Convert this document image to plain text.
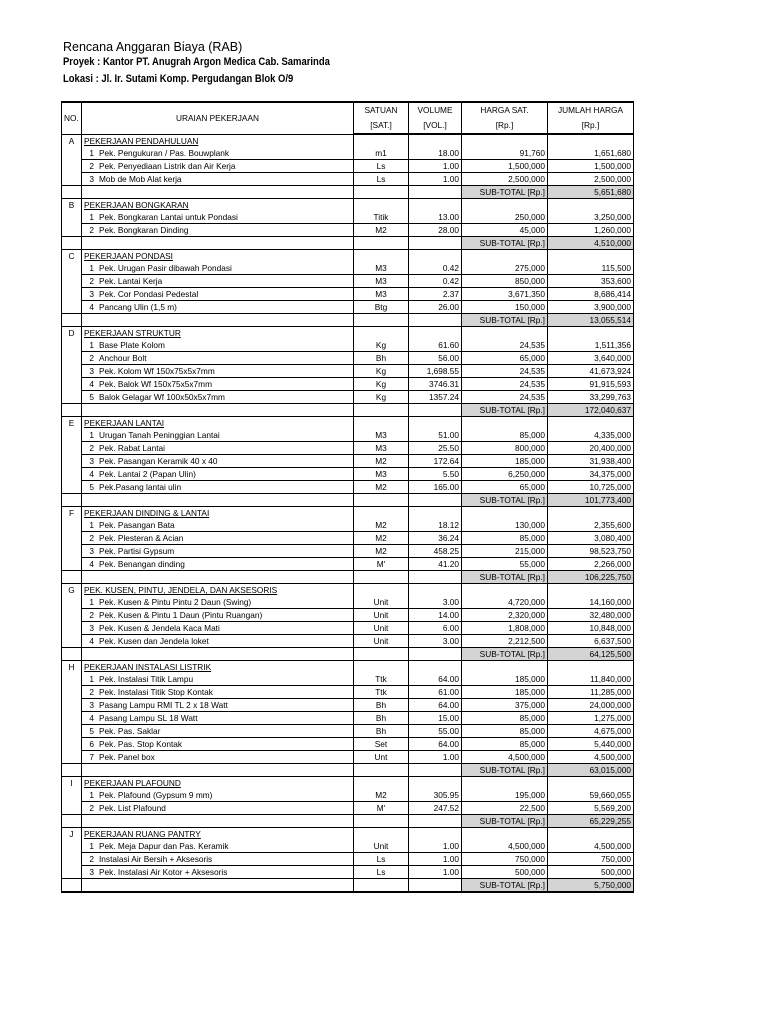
Rencana Anggaran Biaya (RAB)
Proyek : Kantor PT. Anugrah Argon Medica Cab. Samarinda
Lokasi : Jl. Ir. Sutami Komp. Pergudangan Blok O/9
NO.	URAIAN PEKERJAAN	SATUAN	VOLUME	HARGA SAT.	JUMLAH HARGA
		[SAT.]	[VOL.]	[Rp.]	[Rp.]
A	PEKERJAAN PENDAHULUAN				
	1 Pek. Pengukuran / Pas. Bouwplank	m1	18.00	91,760	1,651,680
	2 Pek. Penyediaan Listrik dan Air Kerja	Ls	1.00	1,500,000	1,500,000
	3 Mob de Mob Alat kerja	Ls	1.00	2,500,000	2,500,000
				SUB-TOTAL [Rp.]	5,651,680
B	PEKERJAAN BONGKARAN				
	1 Pek. Bongkaran Lantai untuk Pondasi	Titik	13.00	250,000	3,250,000
	2 Pek. Bongkaran Dinding	M2	28.00	45,000	1,260,000
				SUB-TOTAL [Rp.]	4,510,000
C	PEKERJAAN PONDASI				
	1 Pek. Urugan Pasir dibawah Pondasi	M3	0.42	275,000	115,500
	2 Pek. Lantai Kerja	M3	0.42	850,000	353,600
	3 Pek. Cor Pondasi Pedestal	M3	2.37	3,671,350	8,686,414
	4 Pancang Ulin (1,5 m)	Btg	26.00	150,000	3,900,000
				SUB-TOTAL [Rp.]	13,055,514
D	PEKERJAAN STRUKTUR				
	1 Base Plate Kolom	Kg	61.60	24,535	1,511,356
	2 Anchour Bolt	Bh	56.00	65,000	3,640,000
	3 Pek. Kolom Wf 150x75x5x7mm	Kg	1,698.55	24,535	41,673,924
	4 Pek. Balok Wf 150x75x5x7mm	Kg	3746.31	24,535	91,915,593
	5 Balok Gelagar Wf 100x50x5x7mm	Kg	1357.24	24,535	33,299,763
				SUB-TOTAL [Rp.]	172,040,637
E	PEKERJAAN LANTAI				
	1 Urugan Tanah Peninggian Lantai	M3	51.00	85,000	4,335,000
	2 Pek. Rabat Lantai	M3	25.50	800,000	20,400,000
	3 Pek. Pasangan Keramik 40 x 40	M2	172.64	185,000	31,938,400
	4 Pek. Lantai 2 (Papan Ulin)	M3	5.50	6,250,000	34,375,000
	5 Pek.Pasang lantai ulin	M2	165.00	65,000	10,725,000
				SUB-TOTAL [Rp.]	101,773,400
F	PEKERJAAN DINDING & LANTAI				
	1 Pek. Pasangan Bata	M2	18.12	130,000	2,355,600
	2 Pek. Plesteran & Acian	M2	36.24	85,000	3,080,400
	3 Pek. Partisi Gypsum	M2	458.25	215,000	98,523,750
	4 Pek. Benangan dinding	M'	41.20	55,000	2,266,000
				SUB-TOTAL [Rp.]	106,225,750
G	PEK. KUSEN, PINTU, JENDELA, DAN AKSESORIS				
	1 Pek. Kusen & Pintu Pintu 2 Daun (Swing)	Unit	3.00	4,720,000	14,160,000
	2 Pek. Kusen & Pintu 1 Daun (Pintu Ruangan)	Unit	14.00	2,320,000	32,480,000
	3 Pek. Kusen & Jendela Kaca Mati	Unit	6.00	1,808,000	10,848,000
	4 Pek. Kusen dan Jendela loket	Unit	3.00	2,212,500	6,637,500
				SUB-TOTAL [Rp.]	64,125,500
H	PEKERJAAN INSTALASI LISTRIK				
	1 Pek. Instalasi Titik Lampu	Ttk	64.00	185,000	11,840,000
	2 Pek. Instalasi Titik Stop Kontak	Ttk	61.00	185,000	11,285,000
	3 Pasang Lampu RMI TL 2 x 18 Watt	Bh	64.00	375,000	24,000,000
	4 Pasang Lampu SL 18 Watt	Bh	15.00	85,000	1,275,000
	5 Pek. Pas. Saklar	Bh	55.00	85,000	4,675,000
	6 Pek. Pas. Stop Kontak	Set	64.00	85,000	5,440,000
	7 Pek. Panel box	Unt	1.00	4,500,000	4,500,000
				SUB-TOTAL [Rp.]	63,015,000
I	PEKERJAAN PLAFOUND				
	1 Pek. Plafound (Gypsum 9 mm)	M2	305.95	195,000	59,660,055
	2 Pek. List Plafound	M'	247.52	22,500	5,569,200
				SUB-TOTAL [Rp.]	65,229,255
J	PEKERJAAN RUANG PANTRY				
	1 Pek. Meja Dapur dan Pas. Keramik	Unit	1.00	4,500,000	4,500,000
	2 Instalasi Air Bersih + Aksesoris	Ls	1.00	750,000	750,000
	3 Pek. Instalasi Air Kotor + Aksesoris	Ls	1.00	500,000	500,000
				SUB-TOTAL [Rp.]	5,750,000
